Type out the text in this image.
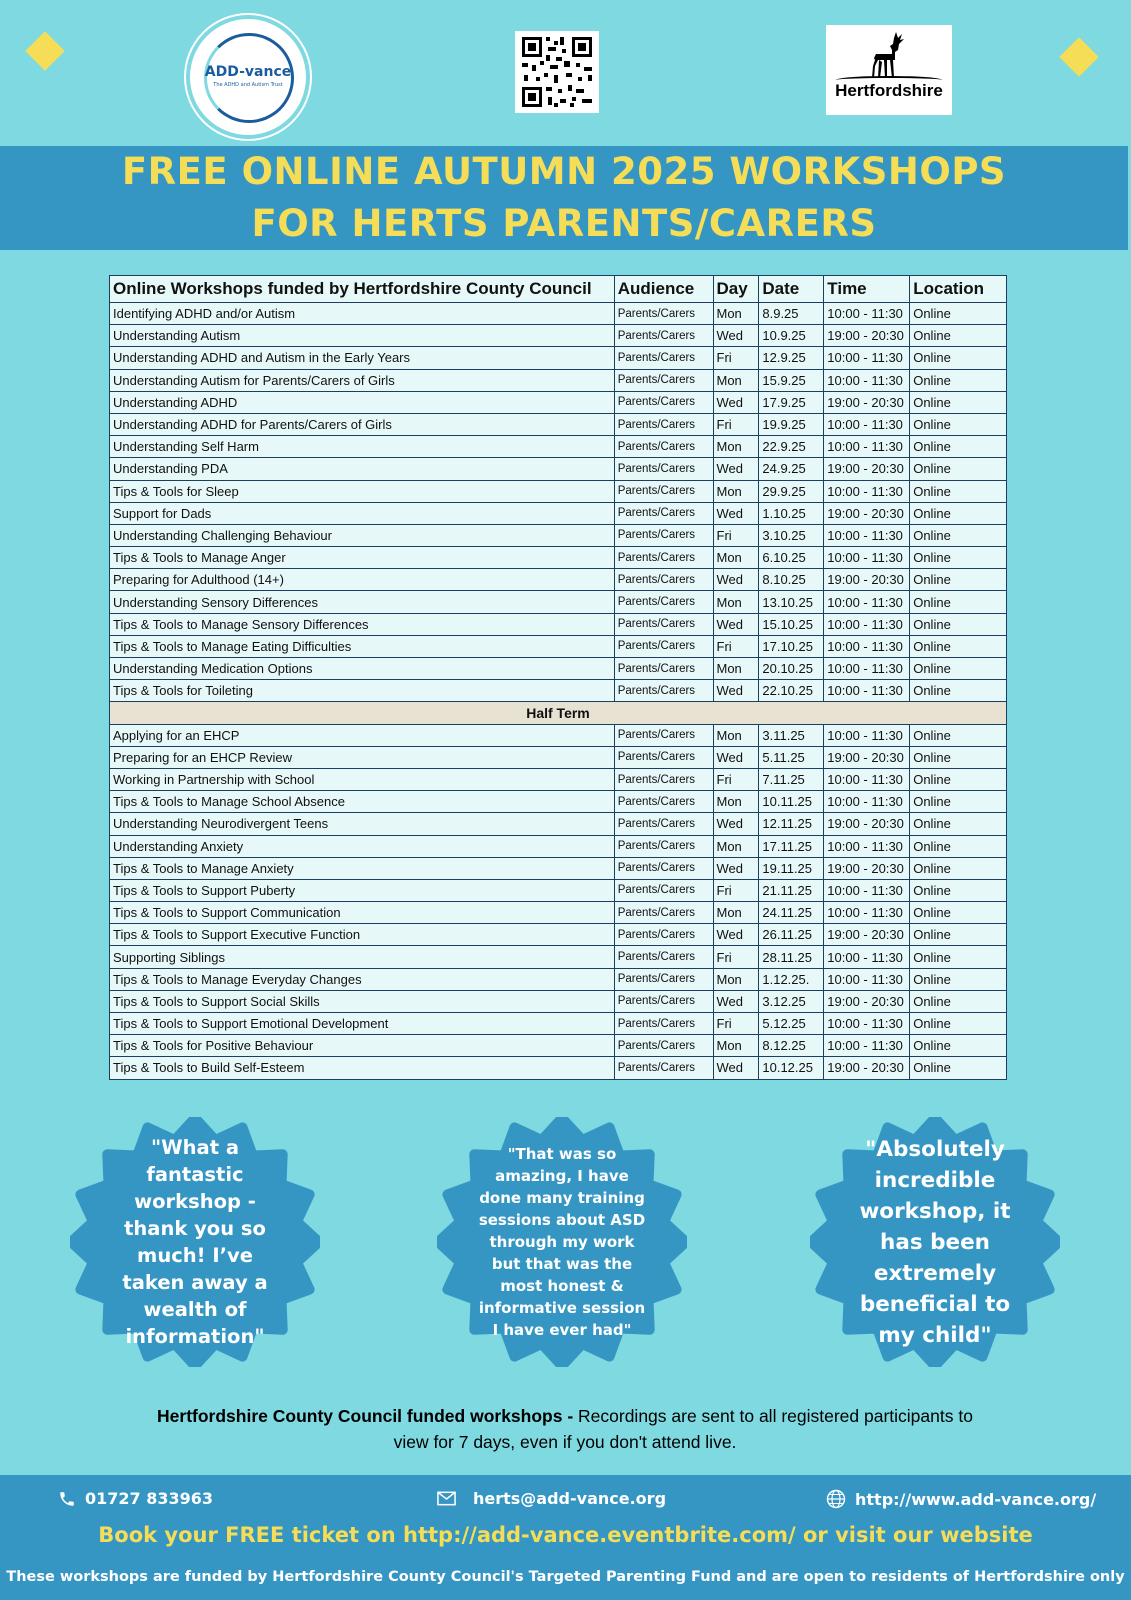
ADD-vance
The ADHD and Autism Trust	Hertfordshire
FREE ONLINE AUTUMN 2025 WORKSHOPS
FOR HERTS PARENTS/CARERS
Online Workshops funded by Hertfordshire County Council	Audience	Day	Date	Time	Location
Identifying ADHD and/or Autism	Parents/Carers	Mon	8.9.25	10:00 - 11:30	Online
Understanding Autism	Parents/Carers	Wed	10.9.25	19:00 - 20:30	Online
Understanding ADHD and Autism in the Early Years	Parents/Carers	Fri	12.9.25	10:00 - 11:30	Online
Understanding Autism for Parents/Carers of Girls	Parents/Carers	Mon	15.9.25	10:00 - 11:30	Online
Understanding ADHD	Parents/Carers	Wed	17.9.25	19:00 - 20:30	Online
Understanding ADHD for Parents/Carers of Girls	Parents/Carers	Fri	19.9.25	10:00 - 11:30	Online
Understanding Self Harm	Parents/Carers	Mon	22.9.25	10:00 - 11:30	Online
Understanding PDA	Parents/Carers	Wed	24.9.25	19:00 - 20:30	Online
Tips & Tools for Sleep	Parents/Carers	Mon	29.9.25	10:00 - 11:30	Online
Support for Dads	Parents/Carers	Wed	1.10.25	19:00 - 20:30	Online
Understanding Challenging Behaviour	Parents/Carers	Fri	3.10.25	10:00 - 11:30	Online
Tips & Tools to Manage Anger	Parents/Carers	Mon	6.10.25	10:00 - 11:30	Online
Preparing for Adulthood (14+)	Parents/Carers	Wed	8.10.25	19:00 - 20:30	Online
Understanding Sensory Differences	Parents/Carers	Mon	13.10.25	10:00 - 11:30	Online
Tips & Tools to Manage Sensory Differences	Parents/Carers	Wed	15.10.25	10:00 - 11:30	Online
Tips & Tools to Manage Eating Difficulties	Parents/Carers	Fri	17.10.25	10:00 - 11:30	Online
Understanding Medication Options	Parents/Carers	Mon	20.10.25	10:00 - 11:30	Online
Tips & Tools for Toileting	Parents/Carers	Wed	22.10.25	10:00 - 11:30	Online
Half Term					
Applying for an EHCP	Parents/Carers	Mon	3.11.25	10:00 - 11:30	Online
Preparing for an EHCP Review	Parents/Carers	Wed	5.11.25	19:00 - 20:30	Online
Working in Partnership with School	Parents/Carers	Fri	7.11.25	10:00 - 11:30	Online
Tips & Tools to Manage School Absence	Parents/Carers	Mon	10.11.25	10:00 - 11:30	Online
Understanding Neurodivergent Teens	Parents/Carers	Wed	12.11.25	19:00 - 20:30	Online
Understanding Anxiety	Parents/Carers	Mon	17.11.25	10:00 - 11:30	Online
Tips & Tools to Manage Anxiety	Parents/Carers	Wed	19.11.25	19:00 - 20:30	Online
Tips & Tools to Support Puberty	Parents/Carers	Fri	21.11.25	10:00 - 11:30	Online
Tips & Tools to Support Communication	Parents/Carers	Mon	24.11.25	10:00 - 11:30	Online
Tips & Tools to Support Executive Function	Parents/Carers	Wed	26.11.25	19:00 - 20:30	Online
Supporting Siblings	Parents/Carers	Fri	28.11.25	10:00 - 11:30	Online
Tips & Tools to Manage Everyday Changes	Parents/Carers	Mon	1.12.25.	10:00 - 11:30	Online
Tips & Tools to Support Social Skills	Parents/Carers	Wed	3.12.25	19:00 - 20:30	Online
Tips & Tools to Support Emotional Development	Parents/Carers	Fri	5.12.25	10:00 - 11:30	Online
Tips & Tools for Positive Behaviour	Parents/Carers	Mon	8.12.25	10:00 - 11:30	Online
Tips & Tools to Build Self-Esteem	Parents/Carers	Wed	10.12.25	19:00 - 20:30	Online
"What a fantastic workshop - thank you so much! I’ve taken away a wealth of information"
"That was so amazing, I have done many training sessions about ASD through my work but that was the most honest & informative session I have ever had"
"Absolutely incredible workshop, it has been extremely beneficial to my child"
Hertfordshire County Council funded workshops - Recordings are sent to all registered participants to view for 7 days, even if you don't attend live.
01727 833963	herts@add-vance.org	http://www.add-vance.org/
Book your FREE ticket on http://add-vance.eventbrite.com/ or visit our website
These workshops are funded by Hertfordshire County Council's Targeted Parenting Fund and are open to residents of Hertfordshire only
